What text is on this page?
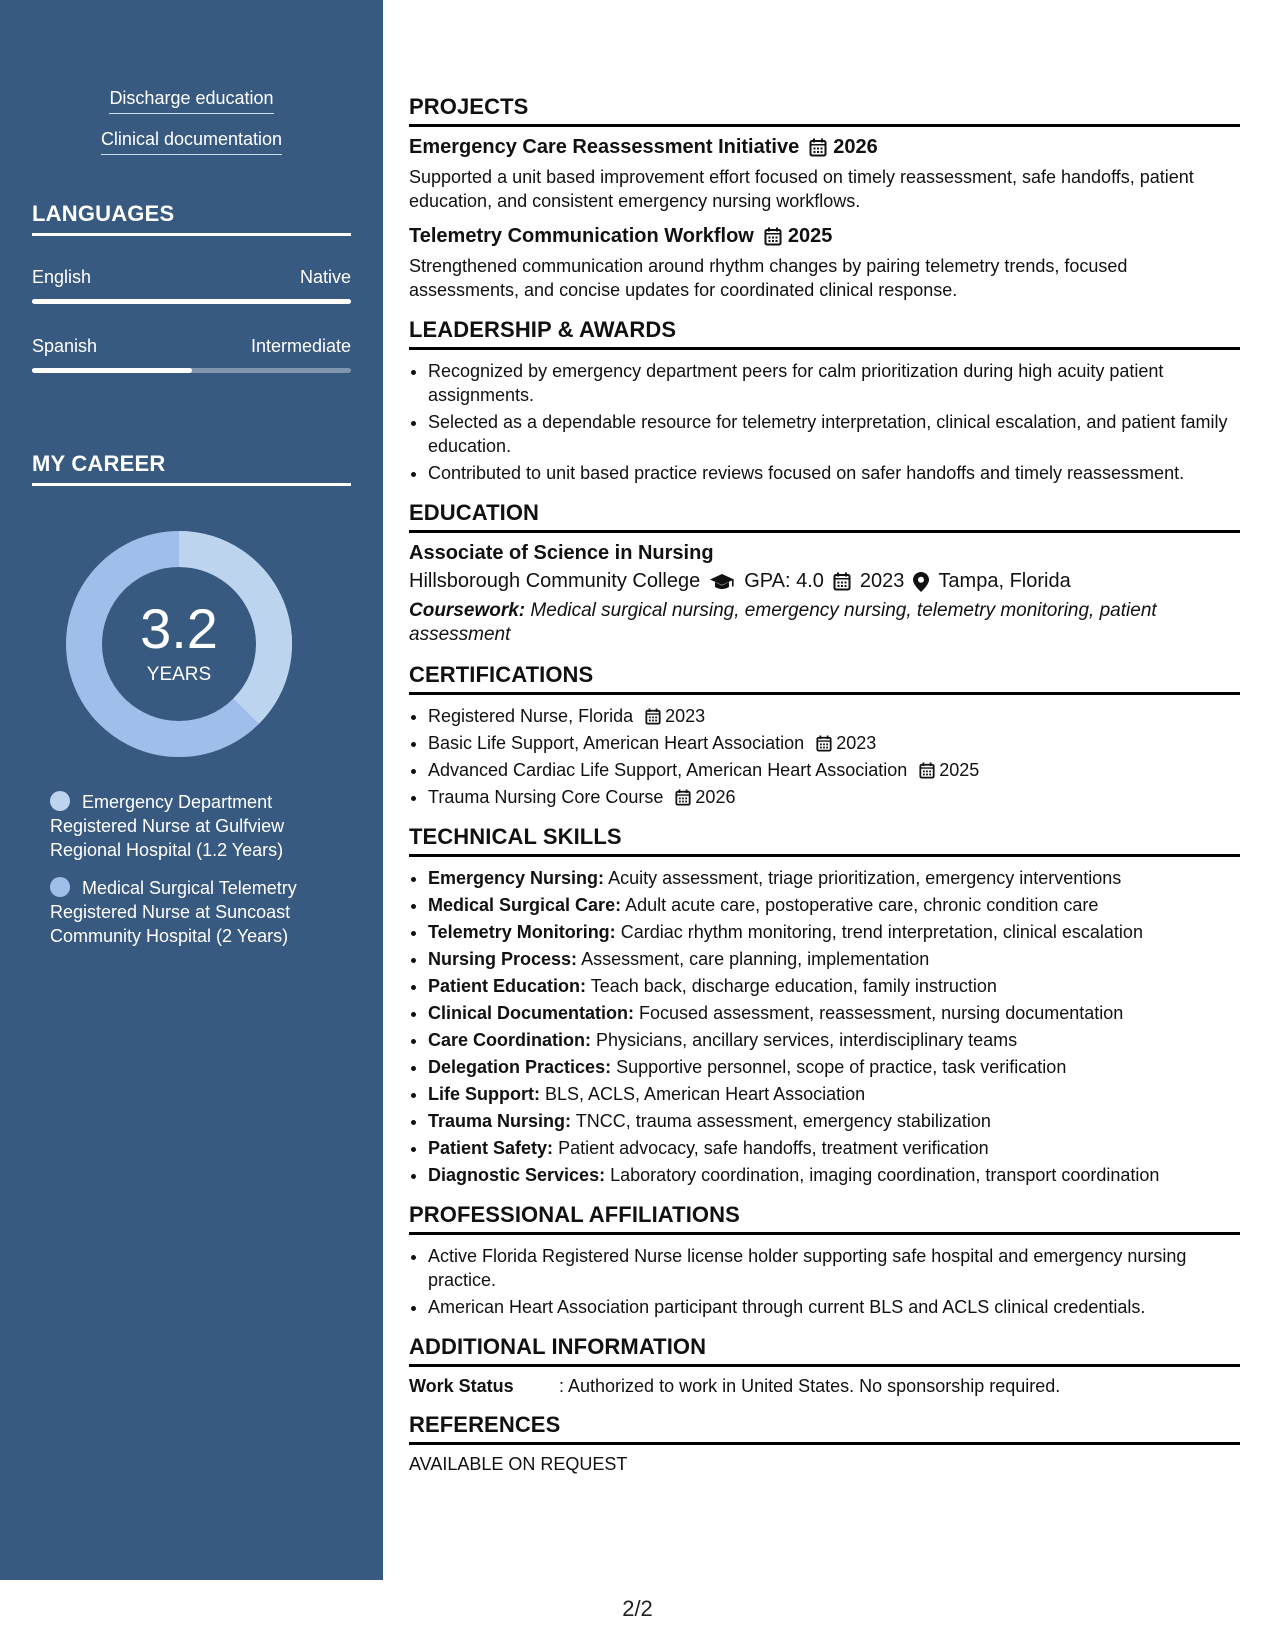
Discharge education
Clinical documentation
LANGUAGES
English	Native
Spanish	Intermediate
MY CAREER
3.2
YEARS
Emergency Department Registered Nurse at Gulfview Regional Hospital (1.2 Years)
Medical Surgical Telemetry Registered Nurse at Suncoast Community Hospital (2 Years)
PROJECTS
Emergency Care Reassessment Initiative 2026
Supported a unit based improvement effort focused on timely reassessment, safe handoffs, patient education, and consistent emergency nursing workflows.
Telemetry Communication Workflow 2025
Strengthened communication around rhythm changes by pairing telemetry trends, focused assessments, and concise updates for coordinated clinical response.
LEADERSHIP & AWARDS
• Recognized by emergency department peers for calm prioritization during high acuity patient assignments.
• Selected as a dependable resource for telemetry interpretation, clinical escalation, and patient family education.
• Contributed to unit based practice reviews focused on safer handoffs and timely reassessment.
EDUCATION
Associate of Science in Nursing
Hillsborough Community College GPA: 4.0 2023 Tampa, Florida
Coursework: Medical surgical nursing, emergency nursing, telemetry monitoring, patient assessment
CERTIFICATIONS
• Registered Nurse, Florida 2023
• Basic Life Support, American Heart Association 2023
• Advanced Cardiac Life Support, American Heart Association 2025
• Trauma Nursing Core Course 2026
TECHNICAL SKILLS
• Emergency Nursing: Acuity assessment, triage prioritization, emergency interventions
• Medical Surgical Care: Adult acute care, postoperative care, chronic condition care
• Telemetry Monitoring: Cardiac rhythm monitoring, trend interpretation, clinical escalation
• Nursing Process: Assessment, care planning, implementation
• Patient Education: Teach back, discharge education, family instruction
• Clinical Documentation: Focused assessment, reassessment, nursing documentation
• Care Coordination: Physicians, ancillary services, interdisciplinary teams
• Delegation Practices: Supportive personnel, scope of practice, task verification
• Life Support: BLS, ACLS, American Heart Association
• Trauma Nursing: TNCC, trauma assessment, emergency stabilization
• Patient Safety: Patient advocacy, safe handoffs, treatment verification
• Diagnostic Services: Laboratory coordination, imaging coordination, transport coordination
PROFESSIONAL AFFILIATIONS
• Active Florida Registered Nurse license holder supporting safe hospital and emergency nursing practice.
• American Heart Association participant through current BLS and ACLS clinical credentials.
ADDITIONAL INFORMATION
Work Status	: Authorized to work in United States. No sponsorship required.
REFERENCES
AVAILABLE ON REQUEST
2/2
